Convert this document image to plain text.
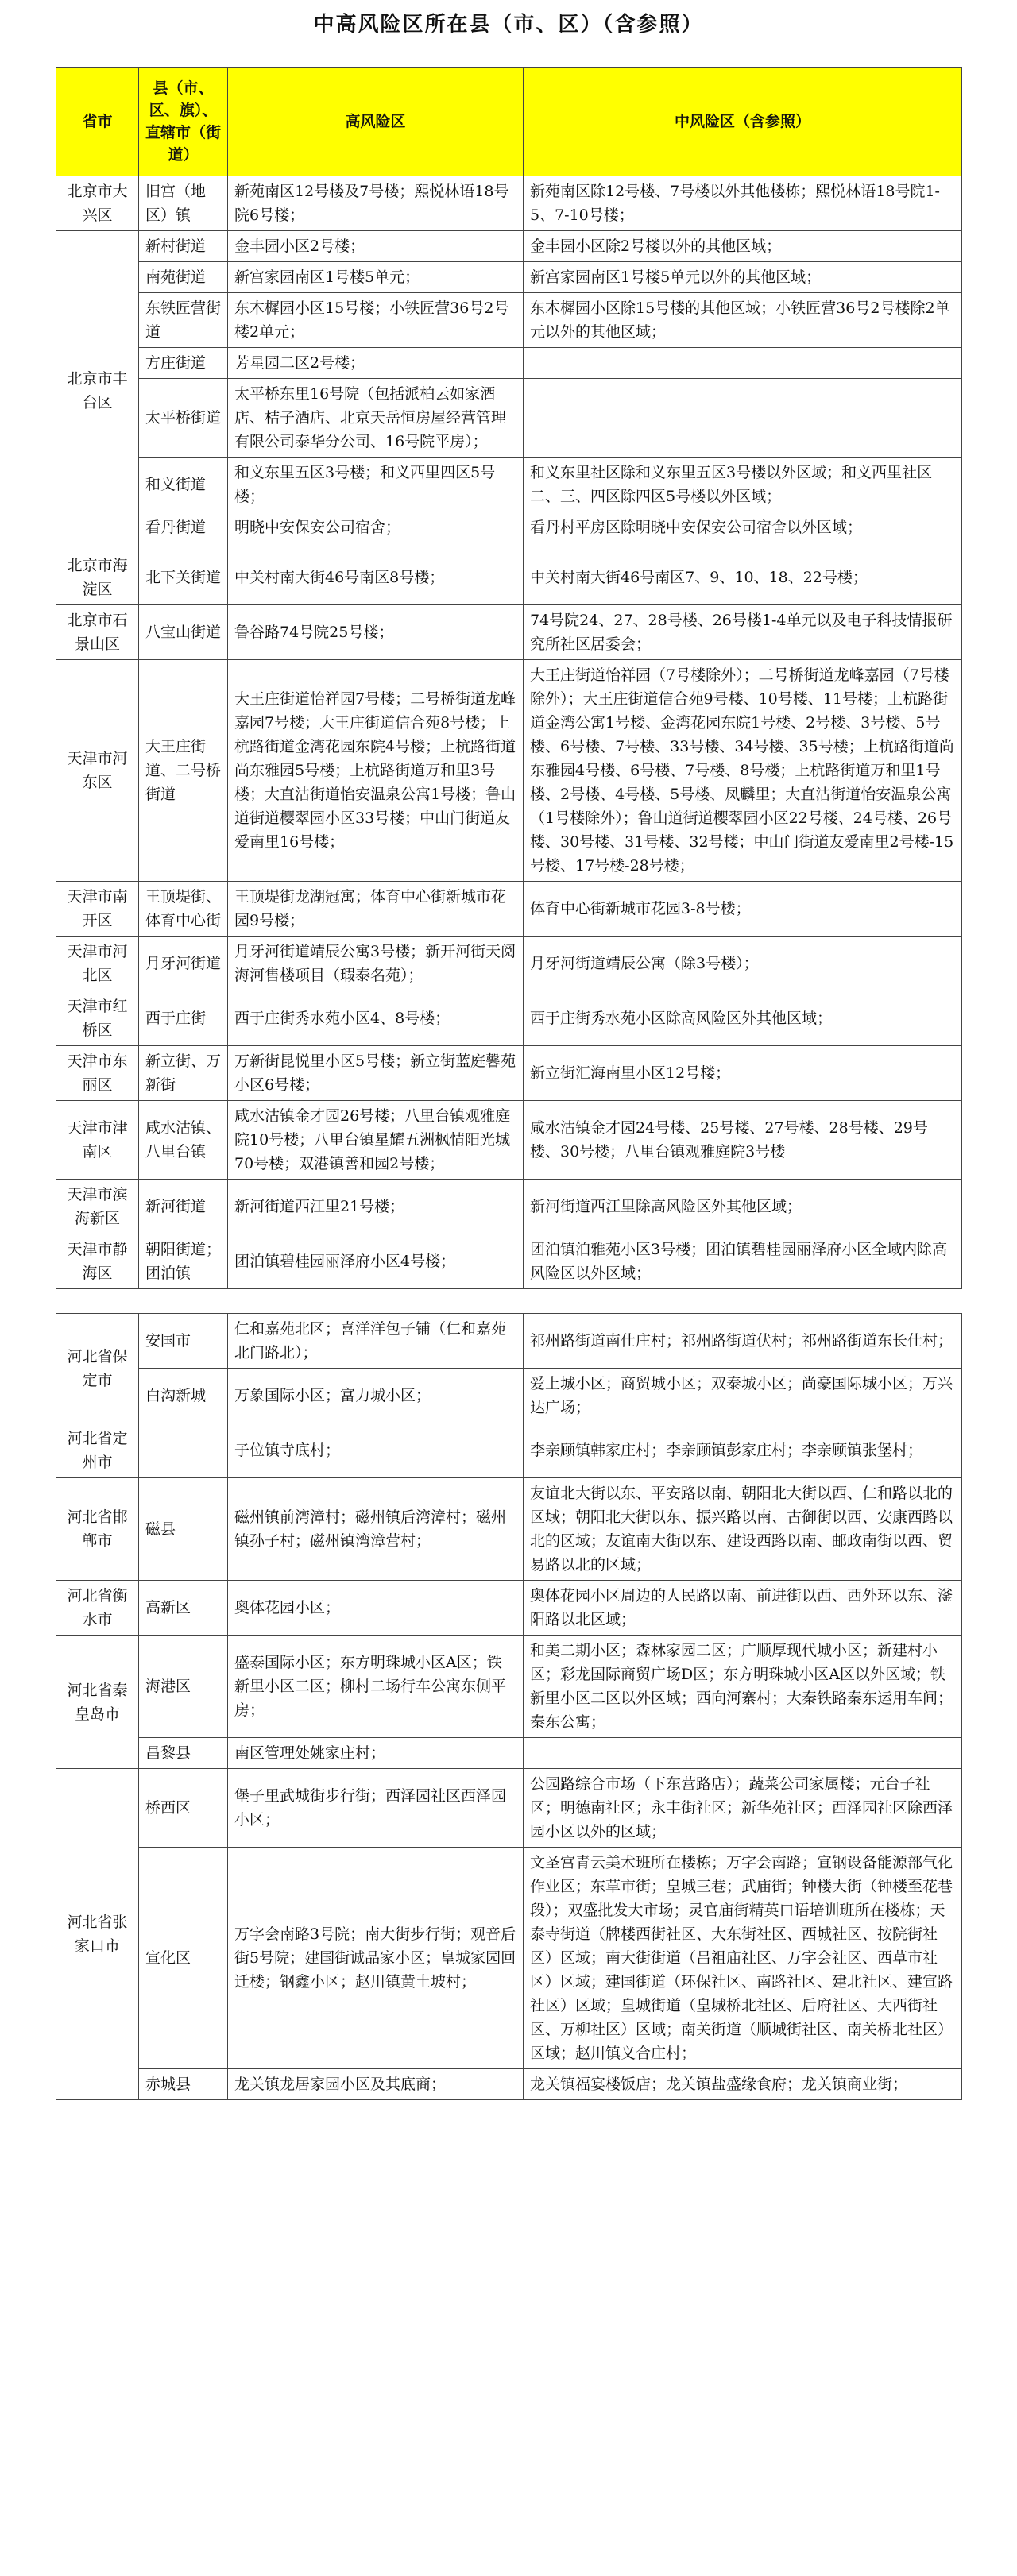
中高风险区所在县（市、区）（含参照）
省市	县（市、区、旗）、直辖市（街道）	高风险区	中风险区（含参照）
北京市大兴区	旧宫（地区）镇	新苑南区12号楼及7号楼；熙悦林语18号院6号楼；	新苑南区除12号楼、7号楼以外其他楼栋；熙悦林语18号院1-5、7-10号楼；
北京市丰台区	新村街道	金丰园小区2号楼；	金丰园小区除2号楼以外的其他区域；
	南苑街道	新宫家园南区1号楼5单元；	新宫家园南区1号楼5单元以外的其他区域；
	东铁匠营街道	东木樨园小区15号楼；小铁匠营36号2号楼2单元；	东木樨园小区除15号楼的其他区域；小铁匠营36号2号楼除2单元以外的其他区域；
	方庄街道	芳星园二区2号楼；	
	太平桥街道	太平桥东里16号院（包括派柏云如家酒店、桔子酒店、北京天岳恒房屋经营管理有限公司泰华分公司、16号院平房）；	
	和义街道	和义东里五区3号楼；和义西里四区5号楼；	和义东里社区除和义东里五区3号楼以外区域；和义西里社区二、三、四区除四区5号楼以外区域；
	看丹街道	明晓中安保安公司宿舍；	看丹村平房区除明晓中安保安公司宿舍以外区域；

北京市海淀区	北下关街道	中关村南大街46号南区8号楼；	中关村南大街46号南区7、9、10、18、22号楼；
北京市石景山区	八宝山街道	鲁谷路74号院25号楼；	74号院24、27、28号楼、26号楼1-4单元以及电子科技情报研究所社区居委会；
天津市河东区	大王庄街道、二号桥街道	大王庄街道怡祥园7号楼；二号桥街道龙峰嘉园7号楼；大王庄街道信合苑8号楼；上杭路街道金湾花园东院4号楼；上杭路街道尚东雅园5号楼；上杭路街道万和里3号楼；大直沽街道怡安温泉公寓1号楼；鲁山道街道樱翠园小区33号楼；中山门街道友爱南里16号楼；	大王庄街道怡祥园（7号楼除外）；二号桥街道龙峰嘉园（7号楼除外）；大王庄街道信合苑9号楼、10号楼、11号楼；上杭路街道金湾公寓1号楼、金湾花园东院1号楼、2号楼、3号楼、5号楼、6号楼、7号楼、33号楼、34号楼、35号楼；上杭路街道尚东雅园4号楼、6号楼、7号楼、8号楼；上杭路街道万和里1号楼、2号楼、4号楼、5号楼、凤麟里；大直沽街道怡安温泉公寓（1号楼除外）；鲁山道街道樱翠园小区22号楼、24号楼、26号楼、30号楼、31号楼、32号楼；中山门街道友爱南里2号楼-15号楼、17号楼-28号楼；
天津市南开区	王顶堤街、体育中心街	王顶堤街龙湖冠寓；体育中心街新城市花园9号楼；	体育中心街新城市花园3-8号楼；
天津市河北区	月牙河街道	月牙河街道靖辰公寓3号楼；新开河街天阅海河售楼项目（瑕泰名苑）；	月牙河街道靖辰公寓（除3号楼）；
天津市红桥区	西于庄街	西于庄街秀水苑小区4、8号楼；	西于庄街秀水苑小区除高风险区外其他区域；
天津市东丽区	新立街、万新街	万新街昆悦里小区5号楼；新立街蓝庭馨苑小区6号楼；	新立街汇海南里小区12号楼；
天津市津南区	咸水沽镇、八里台镇	咸水沽镇金才园26号楼；八里台镇观雅庭院10号楼；八里台镇星耀五洲枫情阳光城70号楼；双港镇善和园2号楼；	咸水沽镇金才园24号楼、25号楼、27号楼、28号楼、29号楼、30号楼；八里台镇观雅庭院3号楼
天津市滨海新区	新河街道	新河街道西江里21号楼；	新河街道西江里除高风险区外其他区域；
天津市静海区	朝阳街道；团泊镇	团泊镇碧桂园丽泽府小区4号楼；	团泊镇泊雅苑小区3号楼；团泊镇碧桂园丽泽府小区全域内除高风险区以外区域；

河北省保定市	安国市	仁和嘉苑北区；喜洋洋包子铺（仁和嘉苑北门路北）；	祁州路街道南仕庄村；祁州路街道伏村；祁州路街道东长仕村；
	白沟新城	万象国际小区；富力城小区；	爱上城小区；商贸城小区；双泰城小区；尚豪国际城小区；万兴达广场；
河北省定州市		子位镇寺底村；	李亲顾镇韩家庄村；李亲顾镇彭家庄村；李亲顾镇张堡村；
河北省邯郸市	磁县	磁州镇前湾漳村；磁州镇后湾漳村；磁州镇孙子村；磁州镇湾漳营村；	友谊北大街以东、平安路以南、朝阳北大街以西、仁和路以北的区域；朝阳北大街以东、振兴路以南、古御街以西、安康西路以北的区域；友谊南大街以东、建设西路以南、邮政南街以西、贸易路以北的区域；
河北省衡水市	高新区	奥体花园小区；	奥体花园小区周边的人民路以南、前进街以西、西外环以东、滏阳路以北区域；
河北省秦皇岛市	海港区	盛泰国际小区；东方明珠城小区A区；铁新里小区二区；柳村二场行车公寓东侧平房；	和美二期小区；森林家园二区；广顺厚现代城小区；新建村小区；彩龙国际商贸广场D区；东方明珠城小区A区以外区域；铁新里小区二区以外区域；西向河寨村；大秦铁路秦东运用车间；秦东公寓；
	昌黎县	南区管理处姚家庄村；	
河北省张家口市	桥西区	堡子里武城街步行街；西泽园社区西泽园小区；	公园路综合市场（下东营路店）；蔬菜公司家属楼；元台子社区；明德南社区；永丰街社区；新华苑社区；西泽园社区除西泽园小区以外的区域；
	宣化区	万字会南路3号院；南大街步行街；观音后街5号院；建国街诚品家小区；皇城家园回迁楼；钢鑫小区；赵川镇黄土坡村；	文圣宫青云美术班所在楼栋；万字会南路；宣钢设备能源部气化作业区；东草市街；皇城三巷；武庙街；钟楼大街（钟楼至花巷段）；双盛批发大市场；灵官庙街精英口语培训班所在楼栋；天泰寺街道（牌楼西街社区、大东街社区、西城社区、按院街社区）区域；南大街街道（吕祖庙社区、万字会社区、西草市社区）区域；建国街道（环保社区、南路社区、建北社区、建宣路社区）区域；皇城街道（皇城桥北社区、后府社区、大西街社区、万柳社区）区域；南关街道（顺城街社区、南关桥北社区）区域；赵川镇义合庄村；
	赤城县	龙关镇龙居家园小区及其底商；	龙关镇福宴楼饭店；龙关镇盐盛缘食府；龙关镇商业街；
